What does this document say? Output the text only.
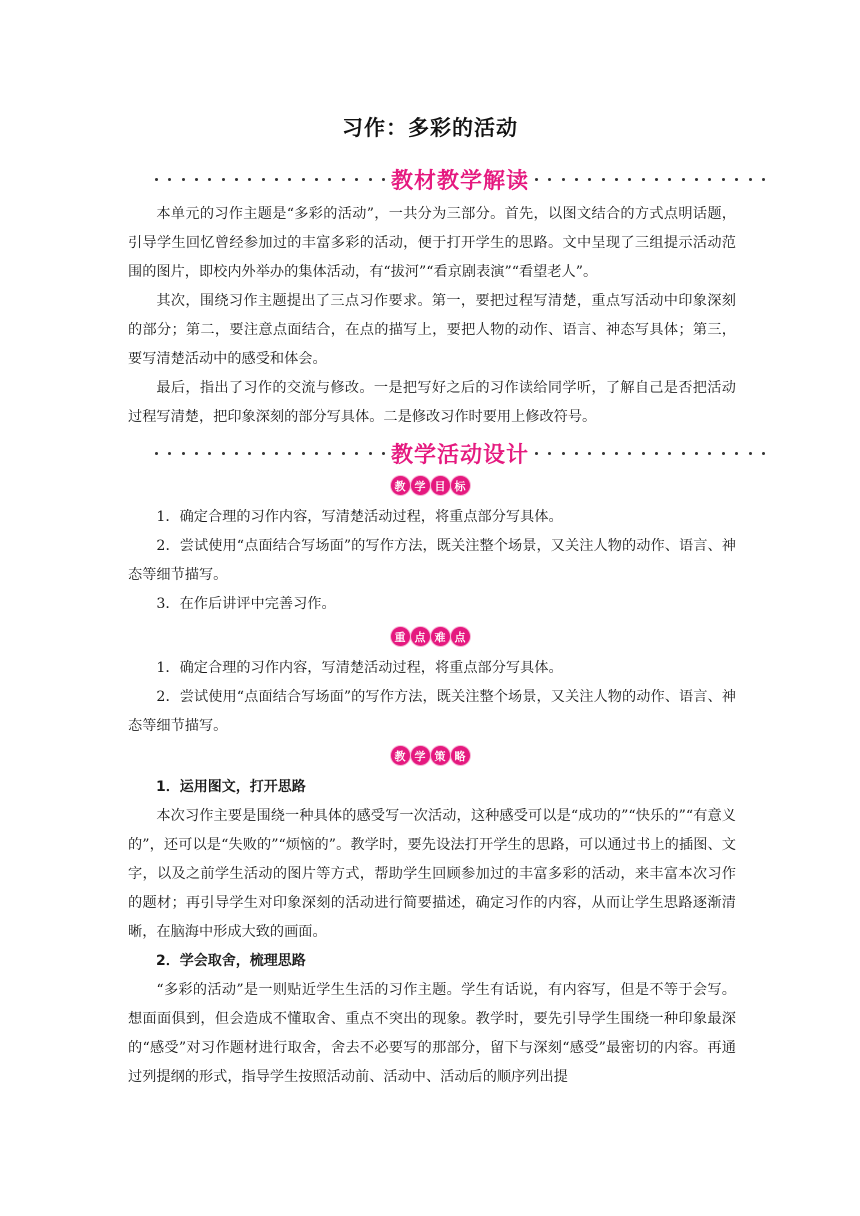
习作：多彩的活动
教材教学解读

本单元的习作主题是“多彩的活动”，一共分为三部分。首先，以图文结合的方式点明话题，引导学生回忆曾经参加过的丰富多彩的活动，便于打开学生的思路。文中呈现了三组提示活动范围的图片，即校内外举办的集体活动，有“拔河”“看京剧表演”“看望老人”。

其次，围绕习作主题提出了三点习作要求。第一，要把过程写清楚，重点写活动中印象深刻的部分；第二，要注意点面结合，在点的描写上，要把人物的动作、语言、神态写具体；第三，要写清楚活动中的感受和体会。

最后，指出了习作的交流与修改。一是把写好之后的习作读给同学听，了解自己是否把活动过程写清楚，把印象深刻的部分写具体。二是修改习作时要用上修改符号。

教学活动设计
教 学 目 标

1．确定合理的习作内容，写清楚活动过程，将重点部分写具体。

2．尝试使用“点面结合写场面”的写作方法，既关注整个场景，又关注人物的动作、语言、神态等细节描写。

3．在作后讲评中完善习作。

重 点 难 点

1．确定合理的习作内容，写清楚活动过程，将重点部分写具体。

2．尝试使用“点面结合写场面”的写作方法，既关注整个场景，又关注人物的动作、语言、神态等细节描写。

教 学 策 略
1．运用图文，打开思路

本次习作主要是围绕一种具体的感受写一次活动，这种感受可以是“成功的”“快乐的”“有意义的”，还可以是“失败的”“烦恼的”。教学时，要先设法打开学生的思路，可以通过书上的插图、文字，以及之前学生活动的图片等方式，帮助学生回顾参加过的丰富多彩的活动，来丰富本次习作的题材；再引导学生对印象深刻的活动进行简要描述，确定习作的内容，从而让学生思路逐渐清晰，在脑海中形成大致的画面。

2．学会取舍，梳理思路

“多彩的活动”是一则贴近学生生活的习作主题。学生有话说，有内容写，但是不等于会写。想面面俱到，但会造成不懂取舍、重点不突出的现象。教学时，要先引导学生围绕一种印象最深的“感受”对习作题材进行取舍，舍去不必要写的那部分，留下与深刻“感受”最密切的内容。再通过列提纲的形式，指导学生按照活动前、活动中、活动后的顺序列出提
